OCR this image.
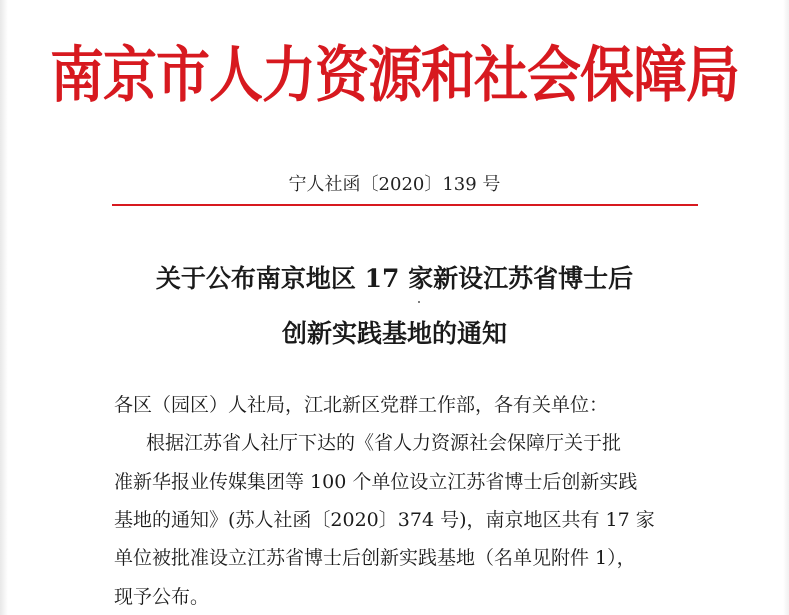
南京市人力资源和社会保障局
宁人社函〔2020〕139 号
关于公布南京地区 17 家新设江苏省博士后
创新实践基地的通知
各区（园区）人社局，江北新区党群工作部，各有关单位：
根据江苏省人社厅下达的《省人力资源社会保障厅关于批
准新华报业传媒集团等 100 个单位设立江苏省博士后创新实践
基地的通知》(苏人社函〔2020〕374 号)，南京地区共有 17 家
单位被批准设立江苏省博士后创新实践基地（名单见附件 1），
现予公布。
